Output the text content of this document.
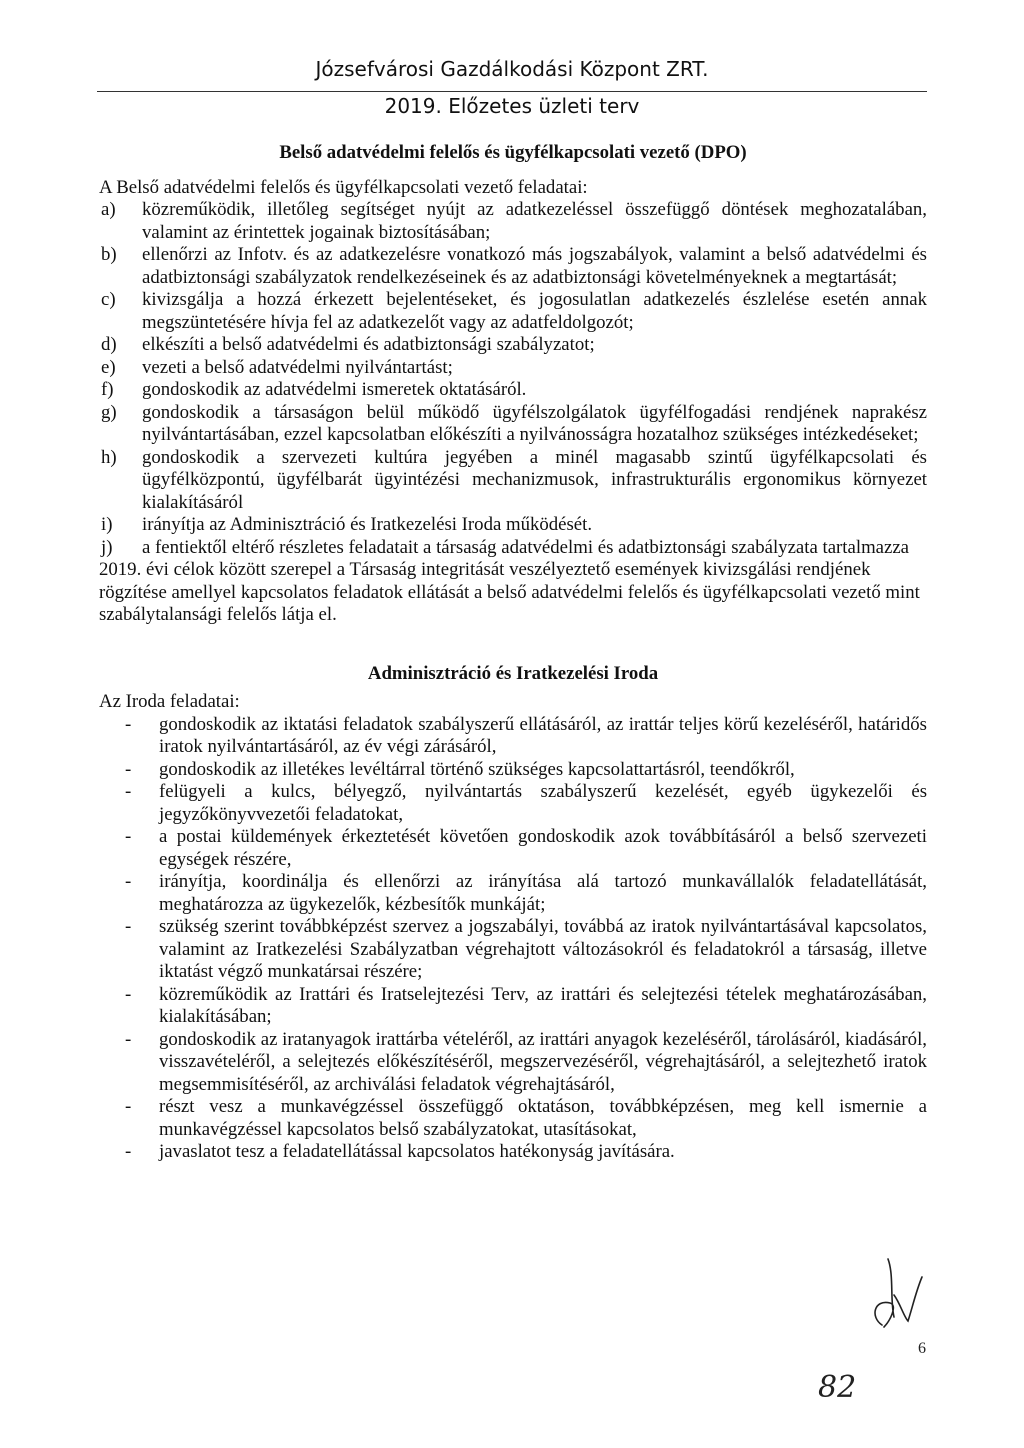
Józsefvárosi Gazdálkodási Központ ZRT.
2019. Előzetes üzleti terv
Belső adatvédelmi felelős és ügyfélkapcsolati vezető (DPO)

A Belső adatvédelmi felelős és ügyfélkapcsolati vezető feladatai:

a)	közreműködik, illetőleg segítséget nyújt az adatkezeléssel összefüggő döntések meghozatalában, valamint az érintettek jogainak biztosításában;
b)	ellenőrzi az Infotv. és az adatkezelésre vonatkozó más jogszabályok, valamint a belső adatvédelmi és adatbiztonsági szabályzatok rendelkezéseinek és az adatbiztonsági követelményeknek a megtartását;
c)	kivizsgálja a hozzá érkezett bejelentéseket, és jogosulatlan adatkezelés észlelése esetén annak megszüntetésére hívja fel az adatkezelőt vagy az adatfeldolgozót;
d)	elkészíti a belső adatvédelmi és adatbiztonsági szabályzatot;
e)	vezeti a belső adatvédelmi nyilvántartást;
f)	gondoskodik az adatvédelmi ismeretek oktatásáról.
g)	gondoskodik a társaságon belül működő ügyfélszolgálatok ügyfélfogadási rendjének naprakész nyilvántartásában, ezzel kapcsolatban előkészíti a nyilvánosságra hozatalhoz szükséges intézkedéseket;
h)	gondoskodik a szervezeti kultúra jegyében a minél magasabb szintű ügyfélkapcsolati és ügyfélközpontú, ügyfélbarát ügyintézési mechanizmusok, infrastrukturális ergonomikus környezet kialakításáról
i)	irányítja az Adminisztráció és Iratkezelési Iroda működését.
j)	a fentiektől eltérő részletes feladatait a társaság adatvédelmi és adatbiztonsági szabályzata tartalmazza

2019. évi célok között szerepel a Társaság integritását veszélyeztető események kivizsgálási rendjének rögzítése amellyel kapcsolatos feladatok ellátását a belső adatvédelmi felelős és ügyfélkapcsolati vezető mint szabálytalansági felelős látja el.

Adminisztráció és Iratkezelési Iroda

Az Iroda feladatai:

-	gondoskodik az iktatási feladatok szabályszerű ellátásáról, az irattár teljes körű kezeléséről, határidős iratok nyilvántartásáról, az év végi zárásáról,
-	gondoskodik az illetékes levéltárral történő szükséges kapcsolattartásról, teendőkről,
-	felügyeli a kulcs, bélyegző, nyilvántartás szabályszerű kezelését, egyéb ügykezelői és jegyzőkönyvvezetői feladatokat,
-	a postai küldemények érkeztetését követően gondoskodik azok továbbításáról a belső szervezeti egységek részére,
-	irányítja, koordinálja és ellenőrzi az irányítása alá tartozó munkavállalók feladatellátását, meghatározza az ügykezelők, kézbesítők munkáját;
-	szükség szerint továbbképzést szervez a jogszabályi, továbbá az iratok nyilvántartásával kapcsolatos, valamint az Iratkezelési Szabályzatban végrehajtott változásokról és feladatokról a társaság, illetve iktatást végző munkatársai részére;
-	közreműködik az Irattári és Iratselejtezési Terv, az irattári és selejtezési tételek meghatározásában, kialakításában;
-	gondoskodik az iratanyagok irattárba vételéről, az irattári anyagok kezeléséről, tárolásáról, kiadásáról, visszavételéről, a selejtezés előkészítéséről, megszervezéséről, végrehajtásáról, a selejtezhető iratok megsemmisítéséről, az archiválási feladatok végrehajtásáról,
-	részt vesz a munkavégzéssel összefüggő oktatáson, továbbképzésen, meg kell ismernie a munkavégzéssel kapcsolatos belső szabályzatokat, utasításokat,
-	javaslatot tesz a feladatellátással kapcsolatos hatékonyság javítására.
82
6
